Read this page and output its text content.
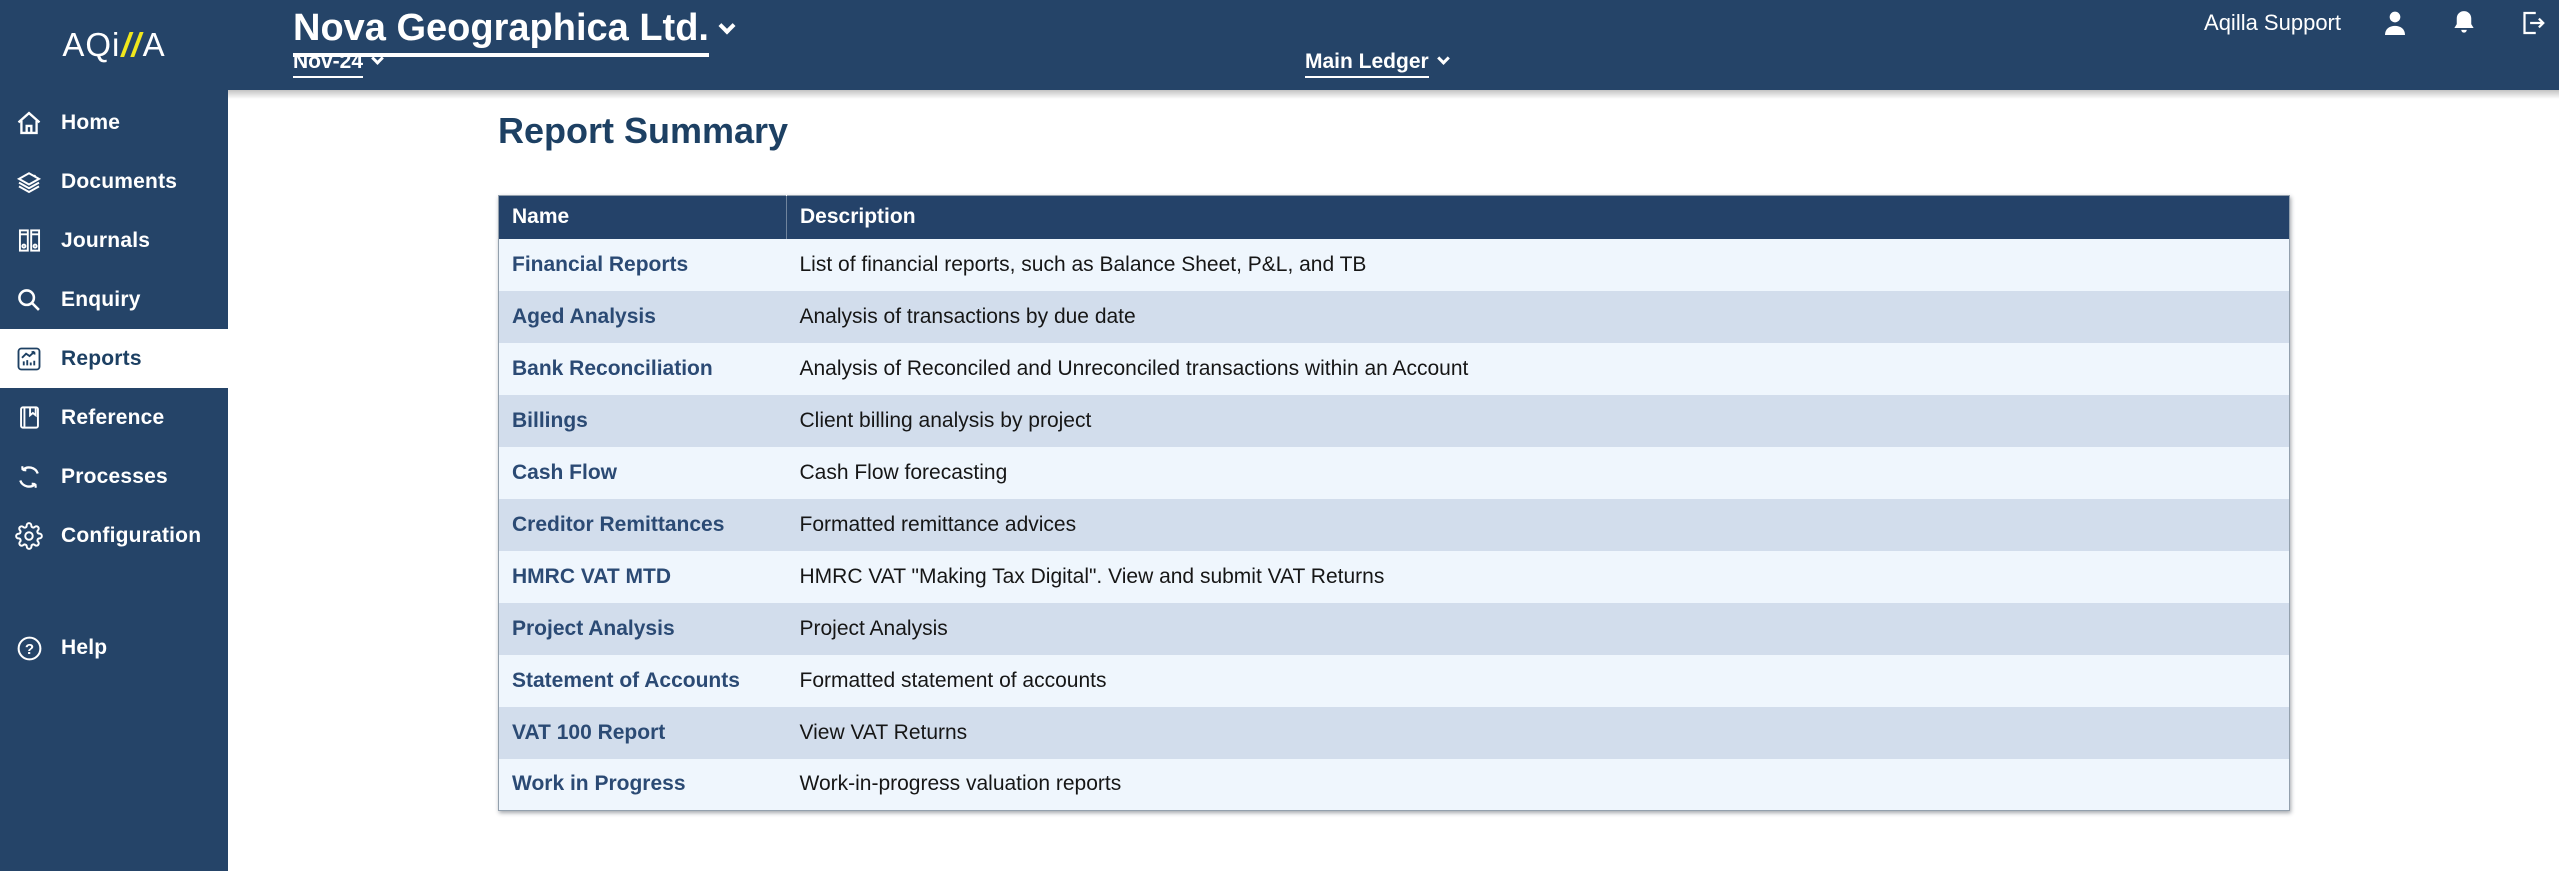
AQi // A	Nova Geographica Ltd.
Nov-24	Main Ledger
Aqilla Support
Home
Documents
Journals
Enquiry
Reports
Reference
Processes
Configuration
? Help
Report Summary
Name	Description
Financial Reports	List of financial reports, such as Balance Sheet, P&L, and TB
Aged Analysis	Analysis of transactions by due date
Bank Reconciliation	Analysis of Reconciled and Unreconciled transactions within an Account
Billings	Client billing analysis by project
Cash Flow	Cash Flow forecasting
Creditor Remittances	Formatted remittance advices
HMRC VAT MTD	HMRC VAT "Making Tax Digital". View and submit VAT Returns
Project Analysis	Project Analysis
Statement of Accounts	Formatted statement of accounts
VAT 100 Report	View VAT Returns
Work in Progress	Work-in-progress valuation reports
